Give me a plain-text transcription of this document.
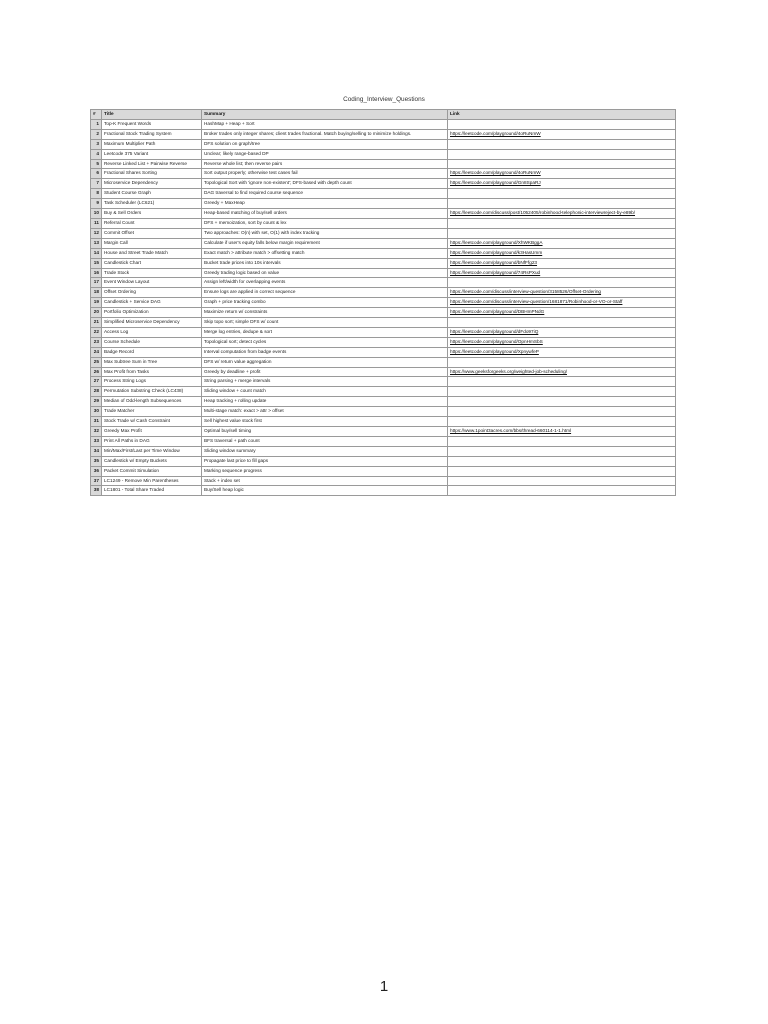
Coding_Interview_Questions
#	Title	Summary	Link
1	Top-K Frequent Words	HashMap + Heap + Sort	
2	Fractional Stock Trading System	Broker trades only integer shares; client trades fractional. Match buying/selling to minimize holdings.	https://leetcode.com/playground/4oRuNmW
3	Maximum Multiplier Path	DFS solution on graph/tree	
4	Leetcode 375 Variant	Unclear; likely range-based DP	
5	Reverse Linked List + Pairwise Reverse	Reverse whole list; then reverse pairs	
6	Fractional Shares Sorting	Sort output properly; otherwise test cases fail	https://leetcode.com/playground/4oRuNmW
7	Microservice Dependency	Topological Sort with 'ignore non-existent'; DFS-based with depth count	https://leetcode.com/playground/Gn8SpaRJ
8	Student Course Graph	DAG traversal to find required course sequence	
9	Task Scheduler (LC621)	Greedy + MaxHeap	
10	Buy & Sell Orders	Heap-based matching of buy/sell orders	https://leetcode.com/discuss/post/1052405/robinhood-telephonic-interviewreject-by-e89b/
11	Referral Count	DFS + memoization, sort by count & lex	
12	Commit Offset	Two approaches: O(n) with set, O(1) with index tracking	
13	Margin Call	Calculate if user's equity falls below margin requirement	https://leetcode.com/playground/XhWKBggA
14	House and Street Trade Match	Exact match > attribute match > offsetting match	https://leetcode.com/playground/k3HasUmm
15	Candlestick Chart	Bucket trade prices into 10s intervals	https://leetcode.com/playground/bNfFfg23
16	Trade Stock	Greedy trading logic based on value	https://leetcode.com/playground/74RsPXud
17	Event Window Layout	Assign left/width for overlapping events	
18	Offset Ordering	Ensure logs are applied in correct sequence	https://leetcode.com/discuss/interview-question/3158526/Offset-Ordering
19	Candlestick + Service DAG	Graph + price tracking combo	https://leetcode.com/discuss/interview-question/1681871/Robinhood-or-VO-or-Staff
20	Portfolio Optimization	Maximize return w/ constraints	https://leetcode.com/playground/DBHmPNdG
21	Simplified Microservice Dependency	Skip topo sort; simple DFS w/ count	
22	Access Log	Merge log entries, dedupe & sort	https://leetcode.com/playground/dFdo97iQ
23	Course Schedule	Topological sort; detect cycles	https://leetcode.com/playground/OpnHmSbS
24	Badge Record	Interval computation from badge events	https://leetcode.com/playground/XpnywfeP
25	Max Subtree Sum in Tree	DFS w/ return value aggregation	
26	Max Profit from Tasks	Greedy by deadline + profit	https://www.geeksforgeeks.org/weighted-job-scheduling/
27	Process String Logs	String parsing + merge intervals	
28	Permutation Substring Check (LC438)	Sliding window + count match	
29	Median of Odd-length Subsequences	Heap tracking + rolling update	
30	Trade Matcher	Multi-stage match: exact > attr > offset	
31	Stock Trade w/ Cash Constraint	Sell highest value stock first	
32	Greedy Max Profit	Optimal buy/sell timing	https://www.1point3acres.com/bbs/thread-660114-1-1.html
33	Print All Paths in DAG	BFS traversal + path count	
34	Min/Max/First/Last per Time Window	Sliding window summary	
35	Candlestick w/ Empty Buckets	Propagate last price to fill gaps	
36	Packet Commit Simulation	Marking sequence progress	
37	LC1249 - Remove Min Parentheses	Stack + index set	
38	LC1801 - Total Share Traded	Buy/Sell heap logic	
1
